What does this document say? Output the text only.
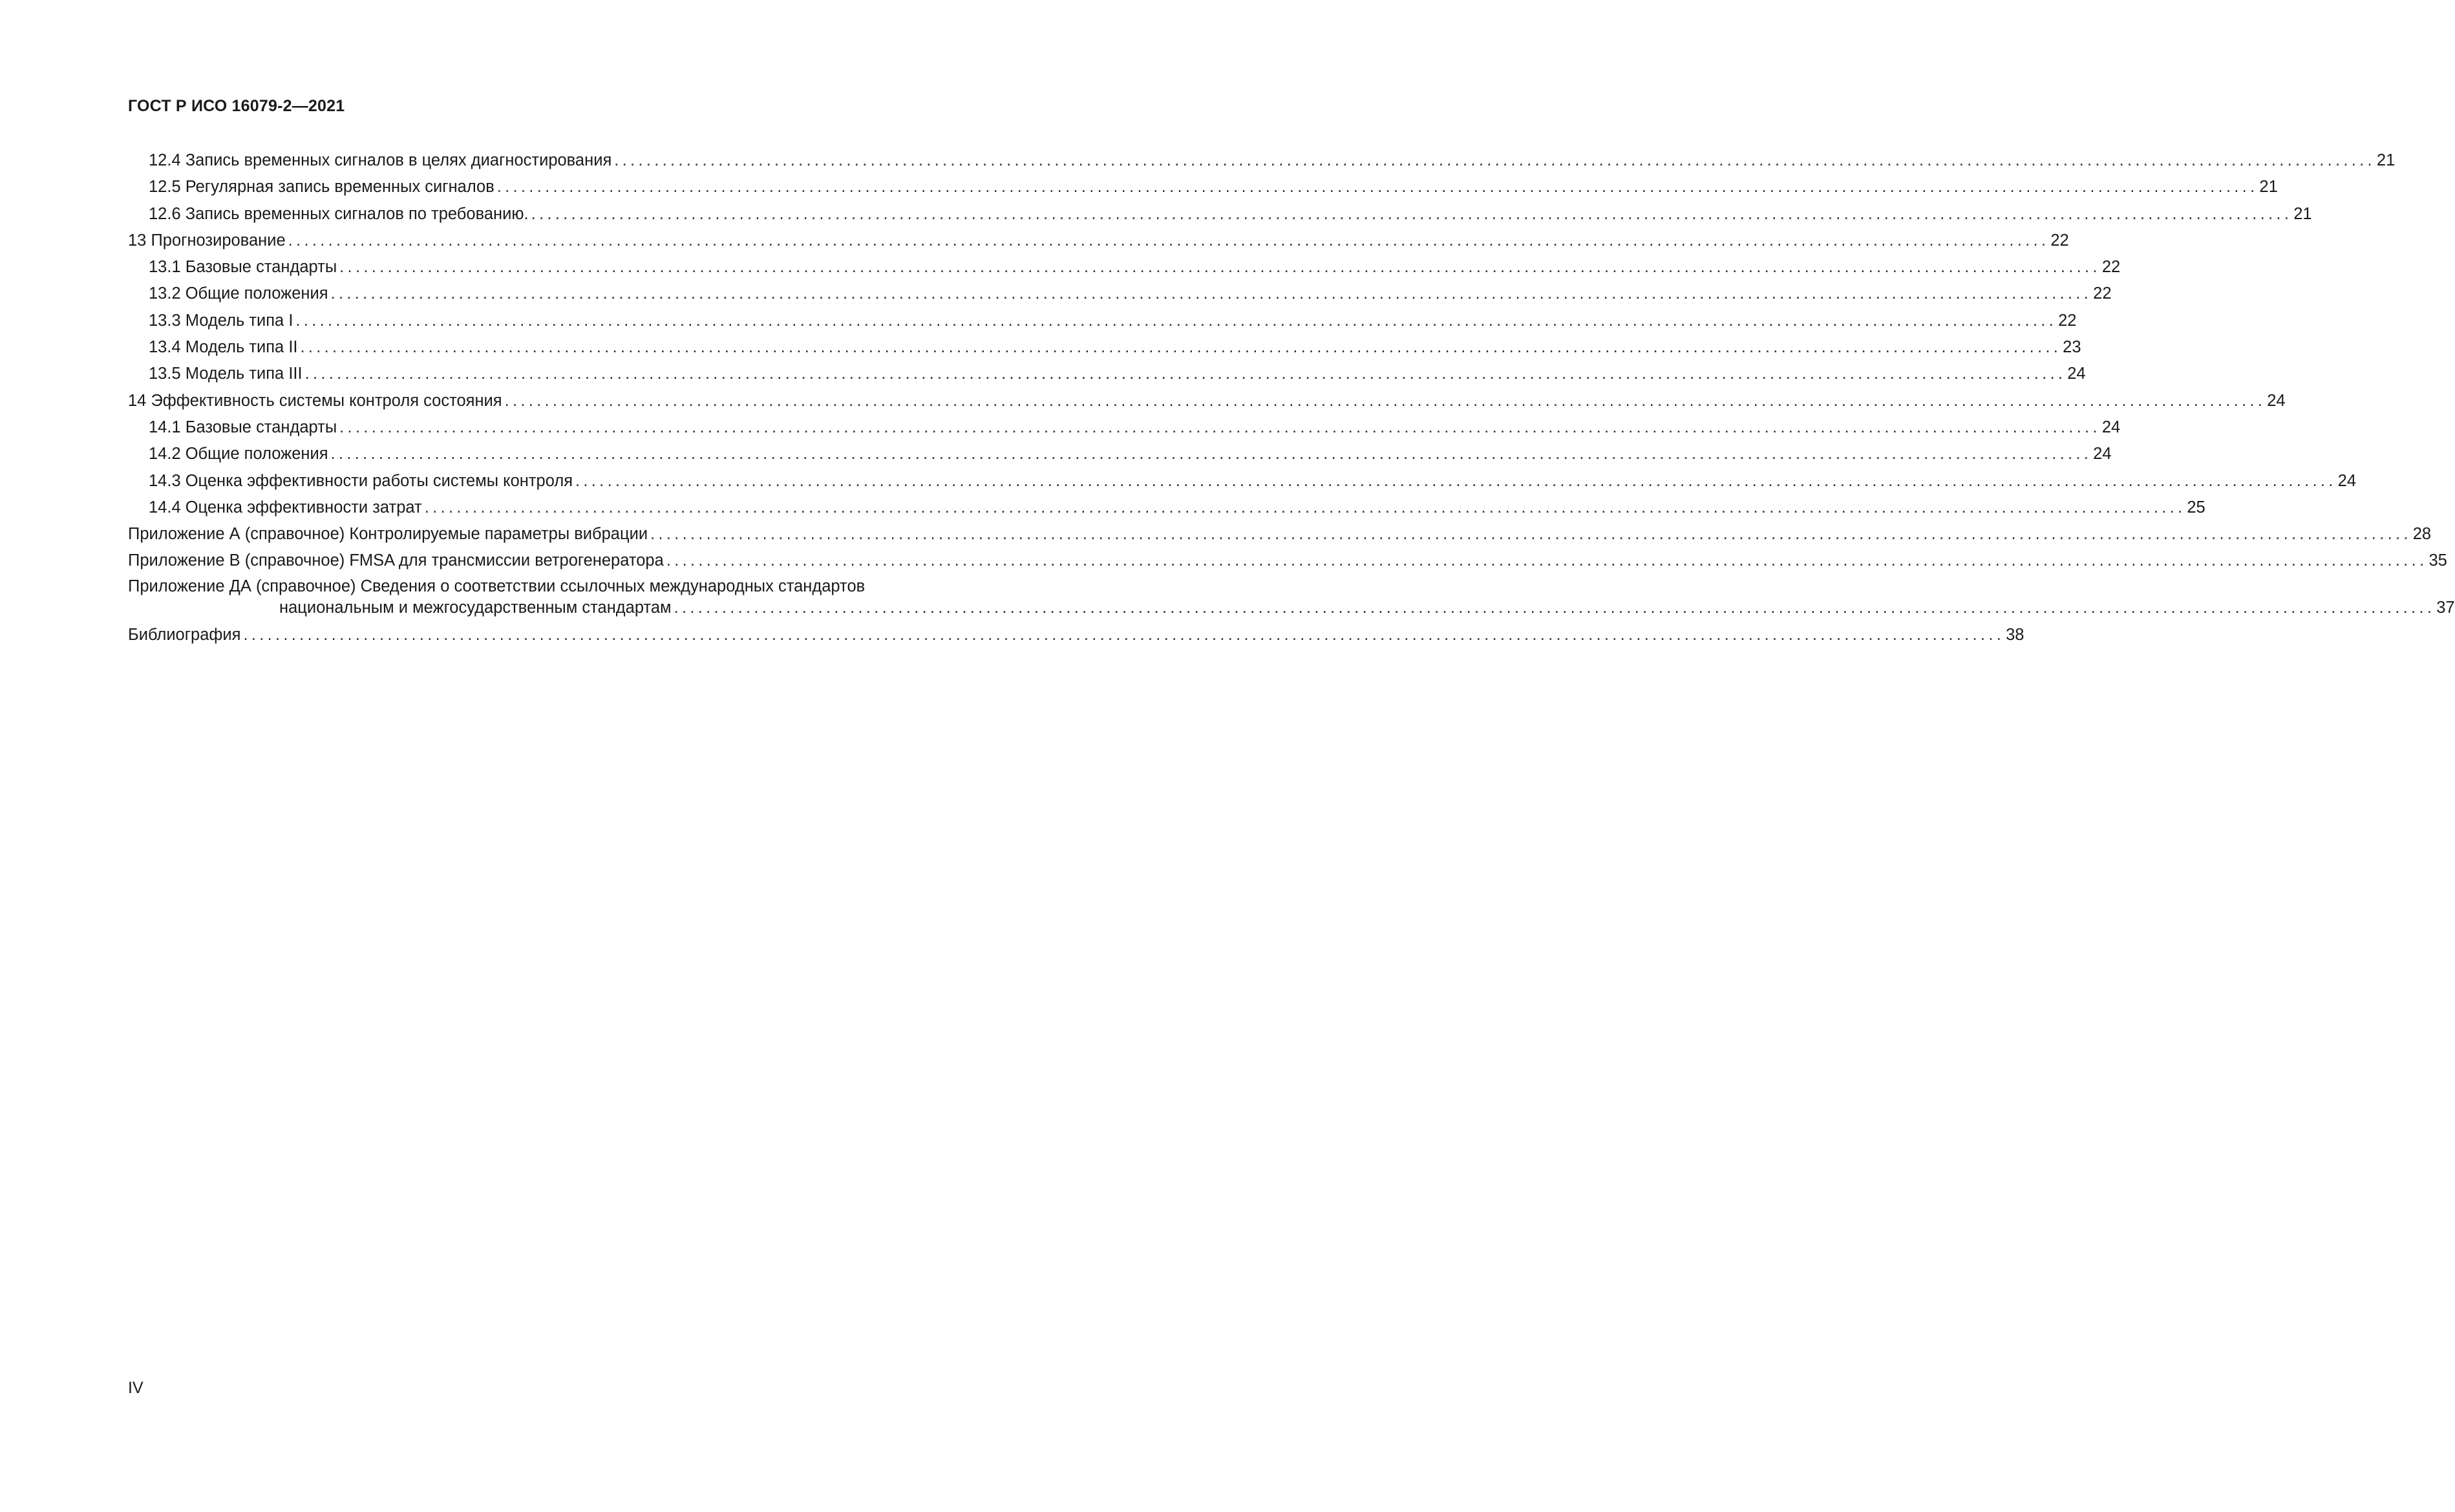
ГОСТ Р ИСО 16079-2—2021
12.4 Запись временных сигналов в целях диагностирования ............................................................................................................................................................................................................................ 21
12.5 Регулярная запись временных сигналов ............................................................................................................................................................................................................................ 21
12.6 Запись временных сигналов по требованию. ............................................................................................................................................................................................................................ 21
13 Прогнозирование ............................................................................................................................................................................................................................ 22
13.1 Базовые стандарты ............................................................................................................................................................................................................................ 22
13.2 Общие положения ............................................................................................................................................................................................................................ 22
13.3 Модель типа I ............................................................................................................................................................................................................................ 22
13.4 Модель типа II ............................................................................................................................................................................................................................ 23
13.5 Модель типа III ............................................................................................................................................................................................................................ 24
14 Эффективность системы контроля состояния ............................................................................................................................................................................................................................ 24
14.1 Базовые стандарты ............................................................................................................................................................................................................................ 24
14.2 Общие положения ............................................................................................................................................................................................................................ 24
14.3 Оценка эффективности работы системы контроля ............................................................................................................................................................................................................................ 24
14.4 Оценка эффективности затрат ............................................................................................................................................................................................................................ 25
Приложение А (справочное) Контролируемые параметры вибрации ............................................................................................................................................................................................................................ 28
Приложение В (справочное) FMSA для трансмиссии ветрогенератора ............................................................................................................................................................................................................................ 35
Приложение ДА (справочное) Сведения о соответствии ссылочных международных стандартов
национальным и межгосударственным стандартам ............................................................................................................................................................................................................................ 37
Библиография ............................................................................................................................................................................................................................ 38
IV
